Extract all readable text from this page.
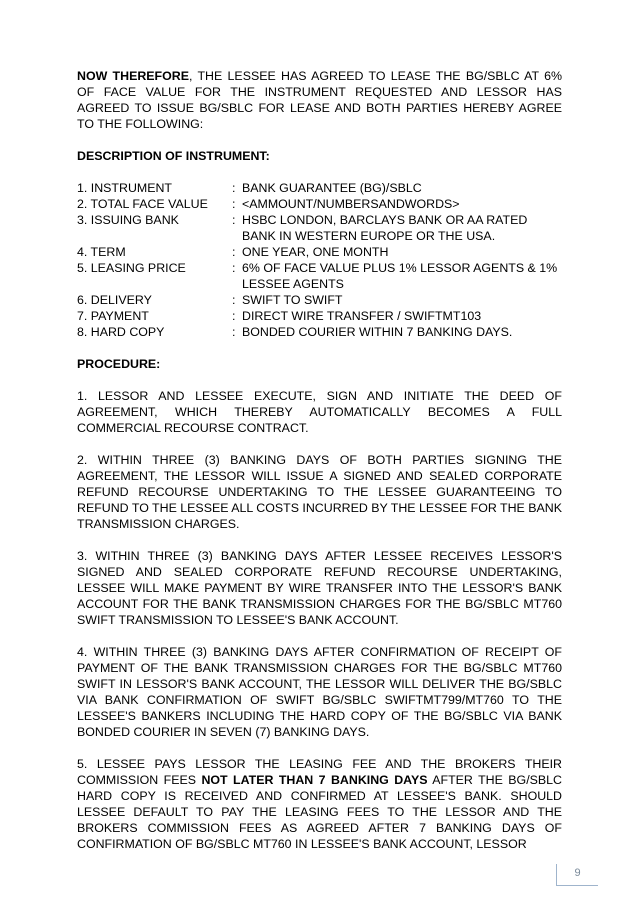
NOW THEREFORE, THE LESSEE HAS AGREED TO LEASE THE BG/SBLC AT 6% OF FACE VALUE FOR THE INSTRUMENT REQUESTED AND LESSOR HAS AGREED TO ISSUE BG/SBLC FOR LEASE AND BOTH PARTIES HEREBY AGREE TO THE FOLLOWING:

DESCRIPTION OF INSTRUMENT:

1. INSTRUMENT	: BANK GUARANTEE (BG)/SBLC
2. TOTAL FACE VALUE	: <AMMOUNT/NUMBERSANDWORDS>
3. ISSUING BANK	: HSBC LONDON, BARCLAYS BANK OR AA RATED BANK IN WESTERN EUROPE OR THE USA.
4. TERM	: ONE YEAR, ONE MONTH
5. LEASING PRICE	: 6% OF FACE VALUE PLUS 1% LESSOR AGENTS & 1% LESSEE AGENTS
6. DELIVERY	: SWIFT TO SWIFT
7. PAYMENT	: DIRECT WIRE TRANSFER / SWIFTMT103
8. HARD COPY	: BONDED COURIER WITHIN 7 BANKING DAYS.

PROCEDURE:

1. LESSOR AND LESSEE EXECUTE, SIGN AND INITIATE THE DEED OF AGREEMENT, WHICH THEREBY AUTOMATICALLY BECOMES A FULL COMMERCIAL RECOURSE CONTRACT.

2. WITHIN THREE (3) BANKING DAYS OF BOTH PARTIES SIGNING THE AGREEMENT, THE LESSOR WILL ISSUE A SIGNED AND SEALED CORPORATE REFUND RECOURSE UNDERTAKING TO THE LESSEE GUARANTEEING TO REFUND TO THE LESSEE ALL COSTS INCURRED BY THE LESSEE FOR THE BANK TRANSMISSION CHARGES.

3. WITHIN THREE (3) BANKING DAYS AFTER LESSEE RECEIVES LESSOR'S SIGNED AND SEALED CORPORATE REFUND RECOURSE UNDERTAKING, LESSEE WILL MAKE PAYMENT BY WIRE TRANSFER INTO THE LESSOR'S BANK ACCOUNT FOR THE BANK TRANSMISSION CHARGES FOR THE BG/SBLC MT760 SWIFT TRANSMISSION TO LESSEE'S BANK ACCOUNT.

4. WITHIN THREE (3) BANKING DAYS AFTER CONFIRMATION OF RECEIPT OF PAYMENT OF THE BANK TRANSMISSION CHARGES FOR THE BG/SBLC MT760 SWIFT IN LESSOR'S BANK ACCOUNT, THE LESSOR WILL DELIVER THE BG/SBLC VIA BANK CONFIRMATION OF SWIFT BG/SBLC SWIFTMT799/MT760 TO THE LESSEE'S BANKERS INCLUDING THE HARD COPY OF THE BG/SBLC VIA BANK BONDED COURIER IN SEVEN (7) BANKING DAYS.

5. LESSEE PAYS LESSOR THE LEASING FEE AND THE BROKERS THEIR COMMISSION FEES NOT LATER THAN 7 BANKING DAYS AFTER THE BG/SBLC HARD COPY IS RECEIVED AND CONFIRMED AT LESSEE'S BANK. SHOULD LESSEE DEFAULT TO PAY THE LEASING FEES TO THE LESSOR AND THE BROKERS COMMISSION FEES AS AGREED AFTER 7 BANKING DAYS OF CONFIRMATION OF BG/SBLC MT760 IN LESSEE'S BANK ACCOUNT, LESSOR

9
